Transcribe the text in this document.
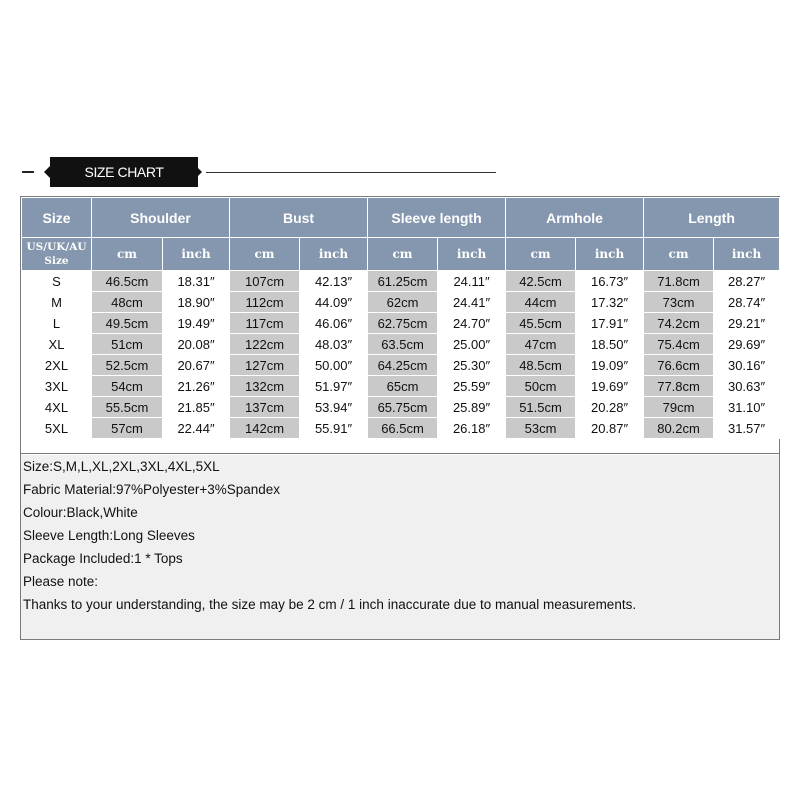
SIZE CHART
Size	Shoulder		Bust		Sleeve length		Armhole		Length	
US/UK/AU Size	cm	inch	cm	inch	cm	inch	cm	inch	cm	inch
S	46.5cm	18.31″	107cm	42.13″	61.25cm	24.11″	42.5cm	16.73″	71.8cm	28.27″
M	48cm	18.90″	112cm	44.09″	62cm	24.41″	44cm	17.32″	73cm	28.74″
L	49.5cm	19.49″	117cm	46.06″	62.75cm	24.70″	45.5cm	17.91″	74.2cm	29.21″
XL	51cm	20.08″	122cm	48.03″	63.5cm	25.00″	47cm	18.50″	75.4cm	29.69″
2XL	52.5cm	20.67″	127cm	50.00″	64.25cm	25.30″	48.5cm	19.09″	76.6cm	30.16″
3XL	54cm	21.26″	132cm	51.97″	65cm	25.59″	50cm	19.69″	77.8cm	30.63″
4XL	55.5cm	21.85″	137cm	53.94″	65.75cm	25.89″	51.5cm	20.28″	79cm	31.10″
5XL	57cm	22.44″	142cm	55.91″	66.5cm	26.18″	53cm	20.87″	80.2cm	31.57″
Size:S,M,L,XL,2XL,3XL,4XL,5XL
Fabric Material:97%Polyester+3%Spandex
Colour:Black,White
Sleeve Length:Long Sleeves
Package Included:1 * Tops
Please note:
Thanks to your understanding, the size may be 2 cm / 1 inch inaccurate due to manual measurements.
